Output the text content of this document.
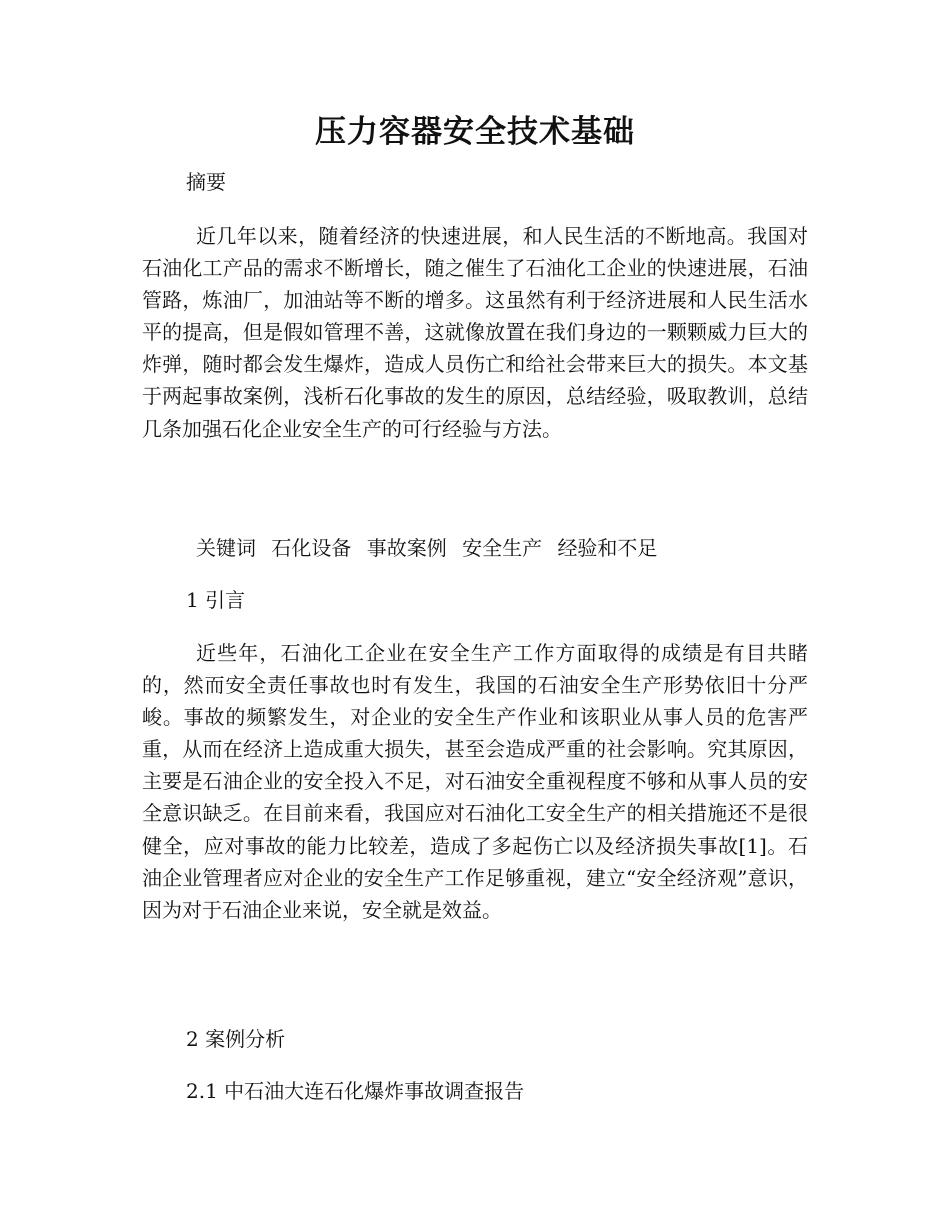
压力容器安全技术基础
摘要

近几年以来，随着经济的快速进展，和人民生活的不断地高。我国对石油化工产品的需求不断增长，随之催生了石油化工企业的快速进展，石油管路，炼油厂，加油站等不断的增多。这虽然有利于经济进展和人民生活水平的提高，但是假如管理不善，这就像放置在我们身边的一颗颗威力巨大的炸弹，随时都会发生爆炸，造成人员伤亡和给社会带来巨大的损失。本文基于两起事故案例，浅析石化事故的发生的原因，总结经验，吸取教训，总结几条加强石化企业安全生产的可行经验与方法。

关键词 石化设备 事故案例 安全生产 经验和不足
1 引言

近些年，石油化工企业在安全生产工作方面取得的成绩是有目共睹的，然而安全责任事故也时有发生，我国的石油安全生产形势依旧十分严峻。事故的频繁发生，对企业的安全生产作业和该职业从事人员的危害严重，从而在经济上造成重大损失，甚至会造成严重的社会影响。究其原因，主要是石油企业的安全投入不足，对石油安全重视程度不够和从事人员的安全意识缺乏。在目前来看，我国应对石油化工安全生产的相关措施还不是很健全，应对事故的能力比较差，造成了多起伤亡以及经济损失事故[1]。石油企业管理者应对企业的安全生产工作足够重视，建立“安全经济观”意识，因为对于石油企业来说，安全就是效益。

2 案例分析
2.1 中石油大连石化爆炸事故调查报告
